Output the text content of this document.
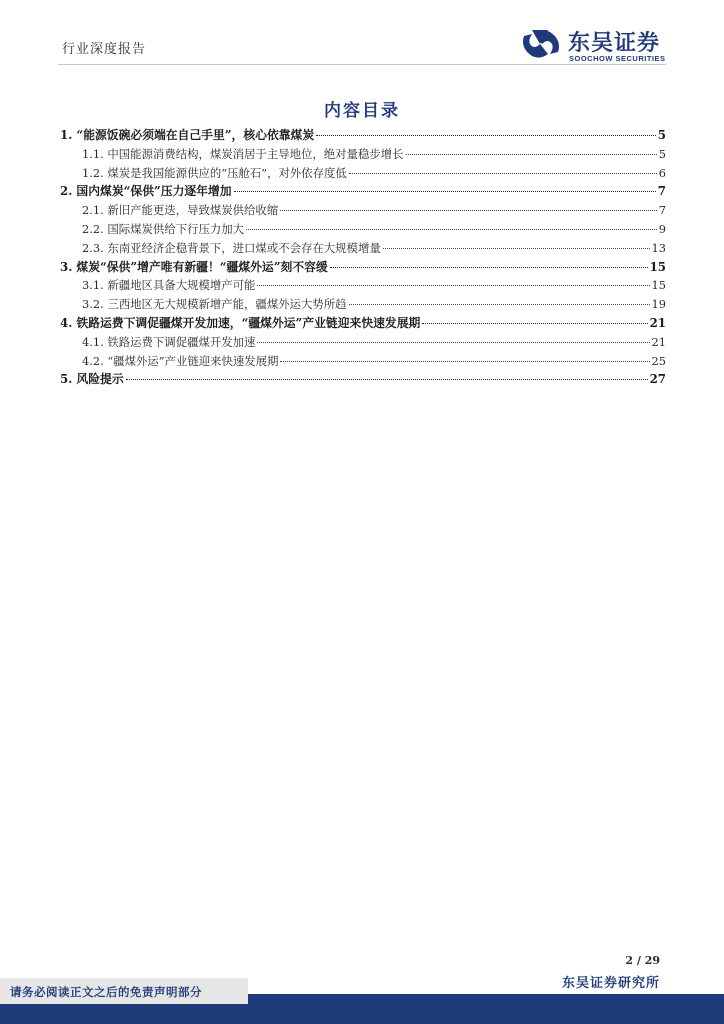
行业深度报告	东吴证券
SOOCHOW SECURITIES
内容目录
1. “能源饭碗必须端在自己手里”，核心依靠煤炭	5
1.1. 中国能源消费结构，煤炭消居于主导地位，绝对量稳步增长	5
1.2. 煤炭是我国能源供应的“压舱石”，对外依存度低	6
2. 国内煤炭“保供”压力逐年增加	7
2.1. 新旧产能更迭，导致煤炭供给收缩	7
2.2. 国际煤炭供给下行压力加大	9
2.3. 东南亚经济企稳背景下，进口煤或不会存在大规模增量	13
3. 煤炭“保供”增产唯有新疆！“疆煤外运”刻不容缓	15
3.1. 新疆地区具备大规模增产可能	15
3.2. 三西地区无大规模新增产能，疆煤外运大势所趋	19
4. 铁路运费下调促疆煤开发加速，“疆煤外运”产业链迎来快速发展期	21
4.1. 铁路运费下调促疆煤开发加速	21
4.2. “疆煤外运”产业链迎来快速发展期	25
5. 风险提示	27
2 / 29
东吴证券研究所
请务必阅读正文之后的免责声明部分
